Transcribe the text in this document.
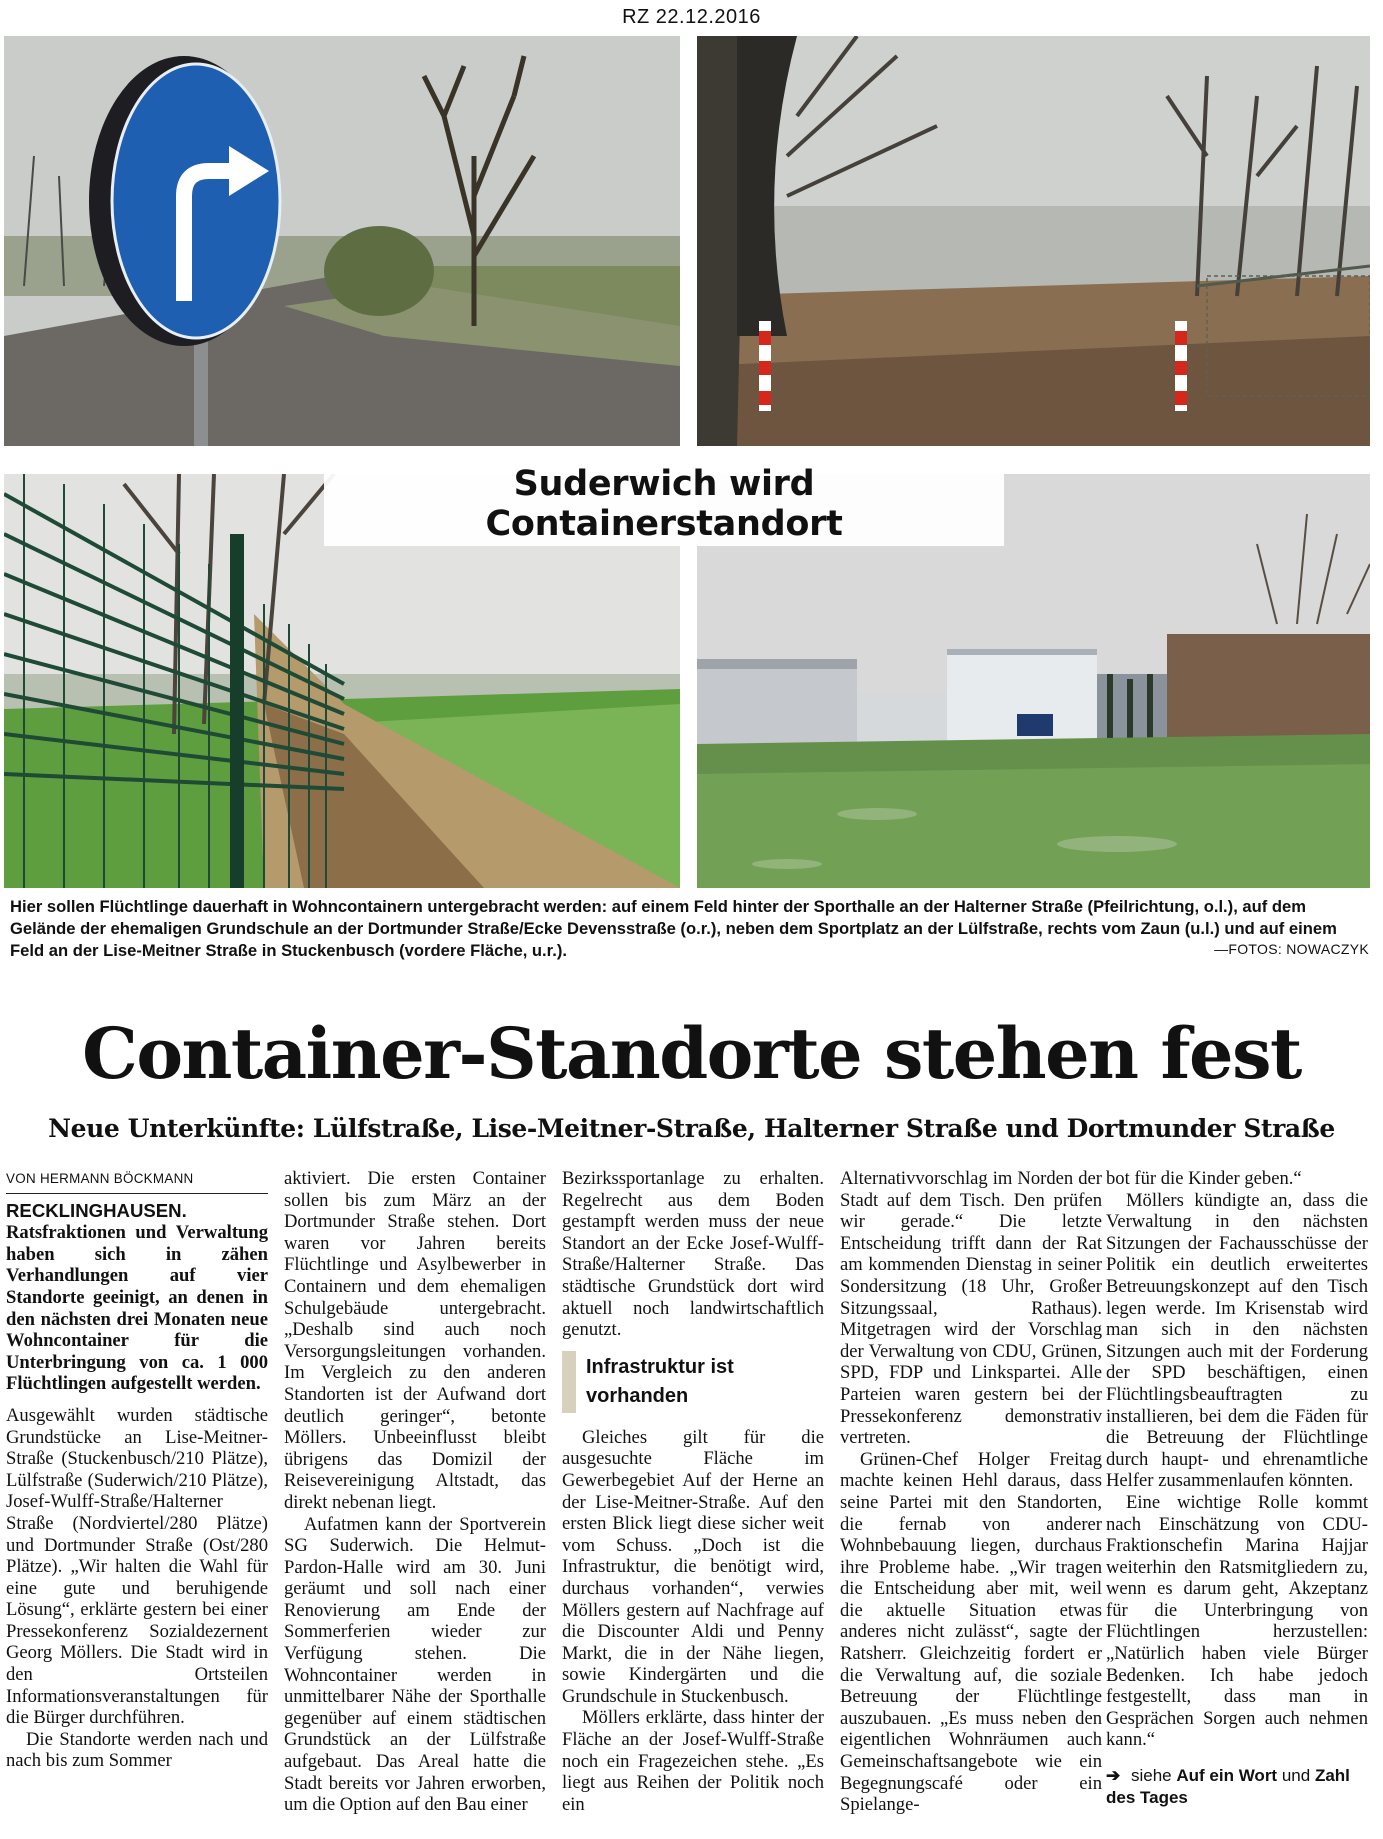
RZ 22.12.2016
Suderwich wird Containerstandort
Hier sollen Flüchtlinge dauerhaft in Wohncontainern untergebracht werden: auf einem Feld hinter der Sporthalle an der Halterner Straße (Pfeilrichtung, o.l.), auf dem Gelände der ehemaligen Grundschule an der Dortmunder Straße/Ecke Devensstraße (o.r.), neben dem Sportplatz an der Lülfstraße, rechts vom Zaun (u.l.) und auf einem Feld an der Lise-Meitner Straße in Stuckenbusch (vordere Fläche, u.r.).	—FOTOS: NOWACZYK
Container-Standorte stehen fest
Neue Unterkünfte: Lülfstraße, Lise-Meitner-Straße, Halterner Straße und Dortmunder Straße
VON HERMANN BÖCKMANN

RECKLINGHAUSEN. Ratsfraktionen und Verwaltung haben sich in zähen Verhandlungen auf vier Standorte geeinigt, an denen in den nächsten drei Monaten neue Wohncontainer für die Unterbringung von ca. 1 000 Flüchtlingen aufgestellt werden.

Ausgewählt wurden städtische Grundstücke an Lise-Meitner-Straße (Stuckenbusch/210 Plätze), Lülfstraße (Suderwich/210 Plätze), Josef-Wulff-Straße/Halterner Straße (Nordviertel/280 Plätze) und Dortmunder Straße (Ost/280 Plätze). „Wir halten die Wahl für eine gute und beruhigende Lösung“, erklärte gestern bei einer Pressekonferenz Sozialdezernent Georg Möllers. Die Stadt wird in den Ortsteilen Informationsveranstaltungen für die Bürger durchführen.

Die Standorte werden nach und nach bis zum Sommer

aktiviert. Die ersten Container sollen bis zum März an der Dortmunder Straße stehen. Dort waren vor Jahren bereits Flüchtlinge und Asylbewerber in Containern und dem ehemaligen Schulgebäude untergebracht. „Deshalb sind auch noch Versorgungsleitungen vorhanden. Im Vergleich zu den anderen Standorten ist der Aufwand dort deutlich geringer“, betonte Möllers. Unbeeinflusst bleibt übrigens das Domizil der Reisevereinigung Altstadt, das direkt nebenan liegt.

Aufatmen kann der Sportverein SG Suderwich. Die Helmut-Pardon-Halle wird am 30. Juni geräumt und soll nach einer Renovierung am Ende der Sommerferien wieder zur Verfügung stehen. Die Wohncontainer werden in unmittelbarer Nähe der Sporthalle gegenüber auf einem städtischen Grundstück an der Lülfstraße aufgebaut. Das Areal hatte die Stadt bereits vor Jahren erworben, um die Option auf den Bau einer

Bezirkssportanlage zu erhalten. Regelrecht aus dem Boden gestampft werden muss der neue Standort an der Ecke Josef-Wulff-Straße/Halterner Straße. Das städtische Grundstück dort wird aktuell noch landwirtschaftlich genutzt.

Infrastruktur ist vorhanden

Gleiches gilt für die ausgesuchte Fläche im Gewerbegebiet Auf der Herne an der Lise-Meitner-Straße. Auf den ersten Blick liegt diese sicher weit vom Schuss. „Doch ist die Infrastruktur, die benötigt wird, durchaus vorhanden“, verwies Möllers gestern auf Nachfrage auf die Discounter Aldi und Penny Markt, die in der Nähe liegen, sowie Kindergärten und die Grundschule in Stuckenbusch.

Möllers erklärte, dass hinter der Fläche an der Josef-Wulff-Straße noch ein Fragezeichen stehe. „Es liegt aus Reihen der Politik noch ein

Alternativvorschlag im Norden der Stadt auf dem Tisch. Den prüfen wir gerade.“ Die letzte Entscheidung trifft dann der Rat am kommenden Dienstag in seiner Sondersitzung (18 Uhr, Großer Sitzungssaal, Rathaus). Mitgetragen wird der Vorschlag der Verwaltung von CDU, Grünen, SPD, FDP und Linkspartei. Alle Parteien waren gestern bei der Pressekonferenz demonstrativ vertreten.

Grünen-Chef Holger Freitag machte keinen Hehl daraus, dass seine Partei mit den Standorten, die fernab von anderer Wohnbebauung liegen, durchaus ihre Probleme habe. „Wir tragen die Entscheidung aber mit, weil die aktuelle Situation etwas anderes nicht zulässt“, sagte der Ratsherr. Gleichzeitig fordert er die Verwaltung auf, die soziale Betreuung der Flüchtlinge auszubauen. „Es muss neben den eigentlichen Wohnräumen auch Gemeinschaftsangebote wie ein Begegnungscafé oder ein Spielange-

bot für die Kinder geben.“

Möllers kündigte an, dass die Verwaltung in den nächsten Sitzungen der Fachausschüsse der Politik ein deutlich erweitertes Betreuungskonzept auf den Tisch legen werde. Im Krisenstab wird man sich in den nächsten Sitzungen auch mit der Forderung der SPD beschäftigen, einen Flüchtlingsbeauftragten zu installieren, bei dem die Fäden für die Betreuung der Flüchtlinge durch haupt- und ehrenamtliche Helfer zusammenlaufen könnten.

Eine wichtige Rolle kommt nach Einschätzung von CDU-Fraktionschefin Marina Hajjar weiterhin den Ratsmitgliedern zu, wenn es darum geht, Akzeptanz für die Unterbringung von Flüchtlingen herzustellen: „Natürlich haben viele Bürger Bedenken. Ich habe jedoch festgestellt, dass man in Gesprächen Sorgen auch nehmen kann.“

➔ siehe Auf ein Wort und Zahl des Tages
